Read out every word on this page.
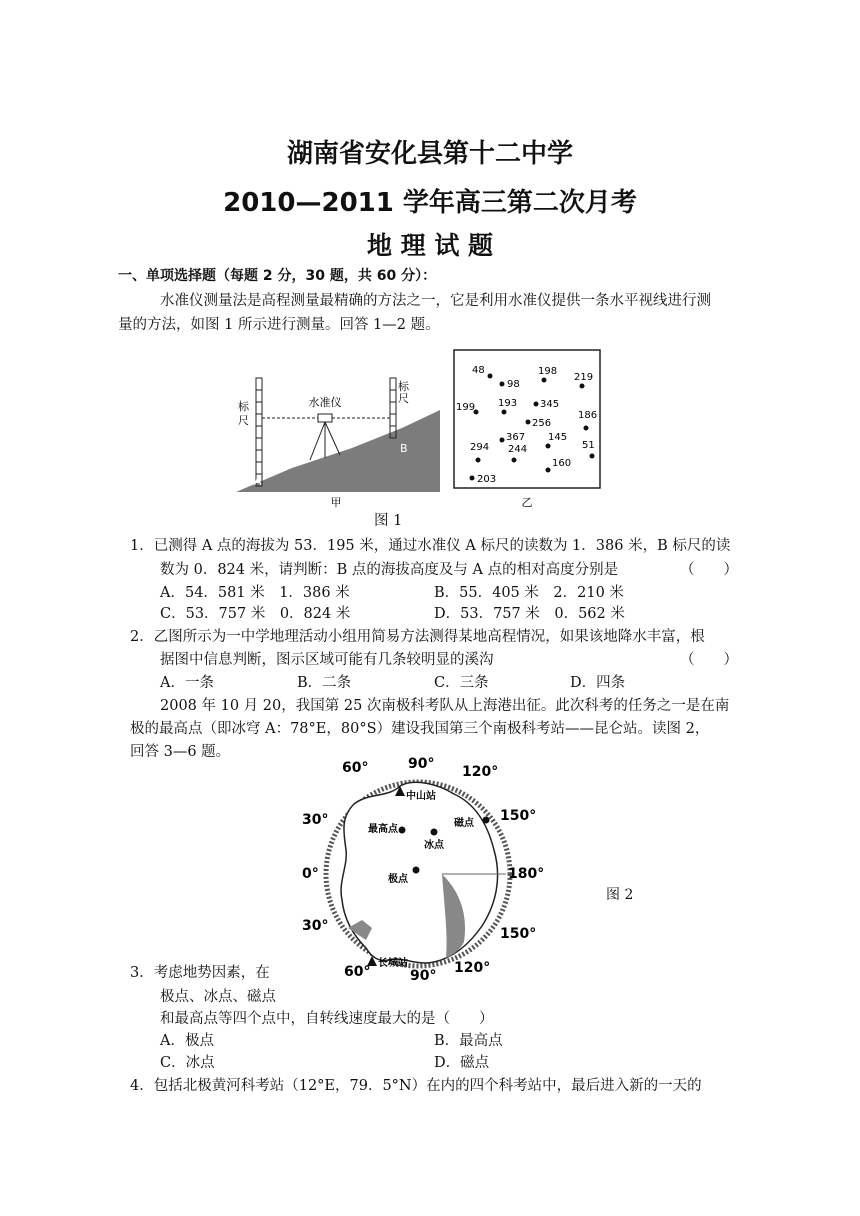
湖南省安化县第十二中学
2010—2011 学年高三第二次月考
地 理 试 题
一、单项选择题（每题 2 分，30 题，共 60 分）：
水准仪测量法是高程测量最精确的方法之一，它是利用水准仪提供一条水平视线进行测
量的方法，如图 1 所示进行测量。回答 1—2 题。
水准仪
标
尺
标
尺
A
B
甲
48
98
198
219
199 193 345
186
256
367 145
294 244	51
160
203
乙
图 1
1．已测得 A 点的海拔为 53．195 米，通过水准仪 A 标尺的读数为 1．386 米，B 标尺的读
数为 0．824 米，请判断：B 点的海拔高度及与 A 点的相对高度分别是	（　　）
A．54．581 米　1．386 米	B．55．405 米　2．210 米
C．53．757 米　0．824 米	D．53．757 米　0．562 米
2．乙图所示为一中学地理活动小组用简易方法测得某地高程情况，如果该地降水丰富，根
据图中信息判断，图示区域可能有几条较明显的溪沟	（　　）
A．一条	B．二条	C．三条	D．四条
2008 年 10 月 20，我国第 25 次南极科考队从上海港出征。此次科考的任务之一是在南
极的最高点（即冰穹 A：78°E，80°S）建设我国第三个南极科考站——昆仑站。读图 2，
回答 3—6 题。
60°	90° 120°
30°	150°
0°	180°
30°	150°
60°	90° 120°
中山站
长城站
最高点
冰点
磁点
极点
图 2
3．考虑地势因素，在
极点、冰点、磁点
和最高点等四个点中，自转线速度最大的是（　　）
A．极点	B．最高点
C．冰点	D．磁点
4．包括北极黄河科考站（12°E，79．5°N）在内的四个科考站中，最后进入新的一天的
